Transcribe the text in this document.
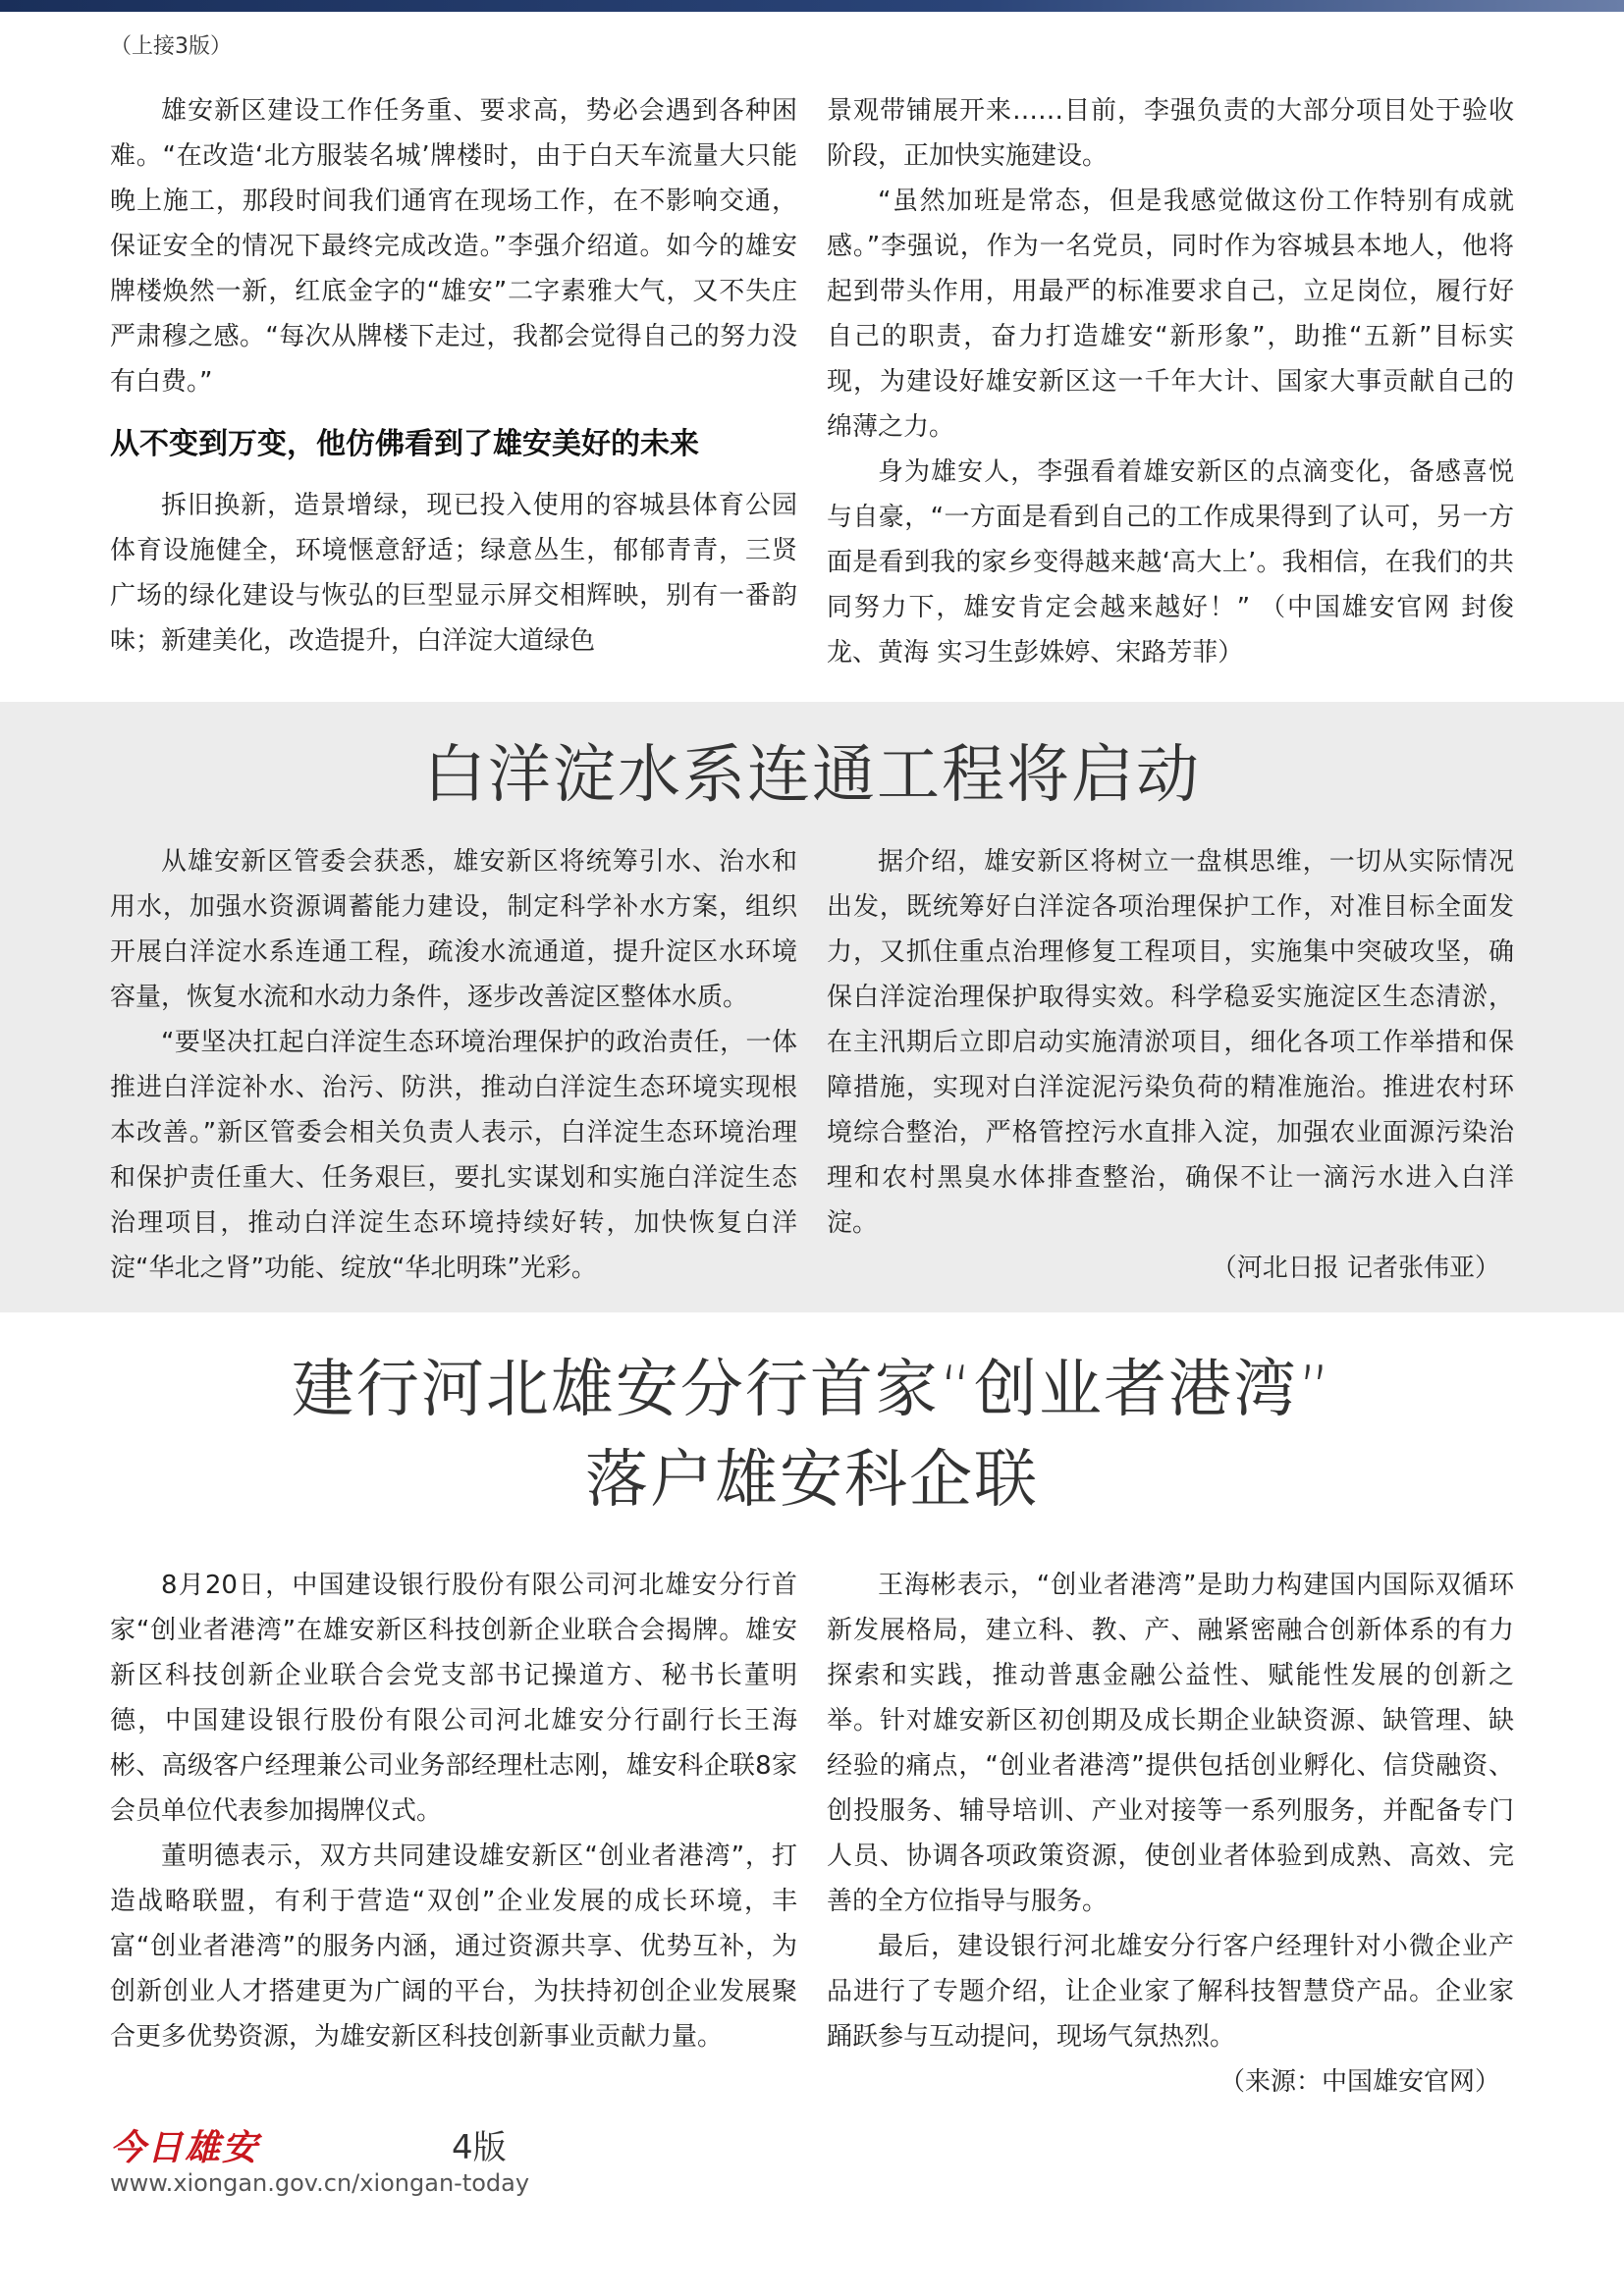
（上接3版）

雄安新区建设工作任务重、要求高，势必会遇到各种困难。“在改造‘北方服装名城’牌楼时，由于白天车流量大只能晚上施工，那段时间我们通宵在现场工作，在不影响交通，保证安全的情况下最终完成改造。”李强介绍道。如今的雄安牌楼焕然一新，红底金字的“雄安”二字素雅大气，又不失庄严肃穆之感。“每次从牌楼下走过，我都会觉得自己的努力没有白费。”

从不变到万变，他仿佛看到了雄安美好的未来

拆旧换新，造景增绿，现已投入使用的容城县体育公园体育设施健全，环境惬意舒适；绿意丛生，郁郁青青，三贤广场的绿化建设与恢弘的巨型显示屏交相辉映，别有一番韵味；新建美化，改造提升，白洋淀大道绿色

景观带铺展开来……目前，李强负责的大部分项目处于验收阶段，正加快实施建设。

“虽然加班是常态，但是我感觉做这份工作特别有成就感。”李强说，作为一名党员，同时作为容城县本地人，他将起到带头作用，用最严的标准要求自己，立足岗位，履行好自己的职责，奋力打造雄安“新形象”，助推“五新”目标实现，为建设好雄安新区这一千年大计、国家大事贡献自己的绵薄之力。

身为雄安人，李强看着雄安新区的点滴变化，备感喜悦与自豪，“一方面是看到自己的工作成果得到了认可，另一方面是看到我的家乡变得越来越‘高大上’。我相信，在我们的共同努力下，雄安肯定会越来越好！” （中国雄安官网 封俊龙、黄海 实习生彭姝婷、宋路芳菲）

白洋淀水系连通工程将启动

从雄安新区管委会获悉，雄安新区将统筹引水、治水和用水，加强水资源调蓄能力建设，制定科学补水方案，组织开展白洋淀水系连通工程，疏浚水流通道，提升淀区水环境容量，恢复水流和水动力条件，逐步改善淀区整体水质。

“要坚决扛起白洋淀生态环境治理保护的政治责任，一体推进白洋淀补水、治污、防洪，推动白洋淀生态环境实现根本改善。”新区管委会相关负责人表示，白洋淀生态环境治理和保护责任重大、任务艰巨，要扎实谋划和实施白洋淀生态治理项目，推动白洋淀生态环境持续好转，加快恢复白洋淀“华北之肾”功能、绽放“华北明珠”光彩。

据介绍，雄安新区将树立一盘棋思维，一切从实际情况出发，既统筹好白洋淀各项治理保护工作，对准目标全面发力，又抓住重点治理修复工程项目，实施集中突破攻坚，确保白洋淀治理保护取得实效。科学稳妥实施淀区生态清淤，在主汛期后立即启动实施清淤项目，细化各项工作举措和保障措施，实现对白洋淀泥污染负荷的精准施治。推进农村环境综合整治，严格管控污水直排入淀，加强农业面源污染治理和农村黑臭水体排查整治，确保不让一滴污水进入白洋淀。

（河北日报 记者张伟亚）

建行河北雄安分行首家“创业者港湾”
落户雄安科企联

8月20日，中国建设银行股份有限公司河北雄安分行首家“创业者港湾”在雄安新区科技创新企业联合会揭牌。雄安新区科技创新企业联合会党支部书记操道方、秘书长董明德，中国建设银行股份有限公司河北雄安分行副行长王海彬、高级客户经理兼公司业务部经理杜志刚，雄安科企联8家会员单位代表参加揭牌仪式。

董明德表示，双方共同建设雄安新区“创业者港湾”，打造战略联盟，有利于营造“双创”企业发展的成长环境，丰富“创业者港湾”的服务内涵，通过资源共享、优势互补，为创新创业人才搭建更为广阔的平台，为扶持初创企业发展聚合更多优势资源，为雄安新区科技创新事业贡献力量。

王海彬表示，“创业者港湾”是助力构建国内国际双循环新发展格局，建立科、教、产、融紧密融合创新体系的有力探索和实践，推动普惠金融公益性、赋能性发展的创新之举。针对雄安新区初创期及成长期企业缺资源、缺管理、缺经验的痛点，“创业者港湾”提供包括创业孵化、信贷融资、创投服务、辅导培训、产业对接等一系列服务，并配备专门人员、协调各项政策资源，使创业者体验到成熟、高效、完善的全方位指导与服务。

最后，建设银行河北雄安分行客户经理针对小微企业产品进行了专题介绍，让企业家了解科技智慧贷产品。企业家踊跃参与互动提问，现场气氛热烈。

（来源：中国雄安官网）

今日雄安	4版
www.xiongan.gov.cn/xiongan-today
